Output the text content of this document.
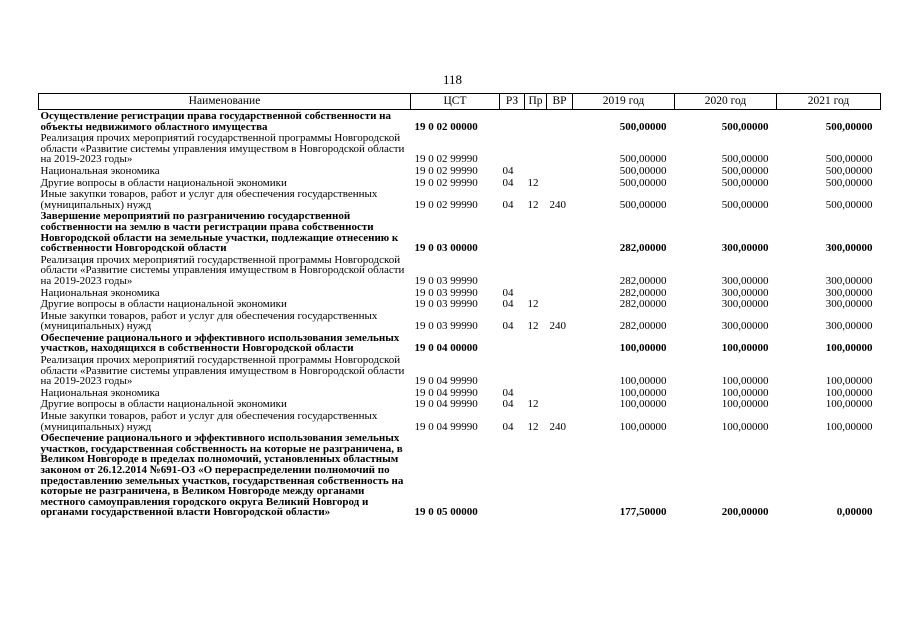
118
Наименование	ЦСТ	РЗ	Пр	ВР	2019 год	2020 год	2021 год
Осуществление регистрации права государственной собственности на объекты недвижимого областного имущества	19 0 02 00000				500,00000	500,00000	500,00000
Реализация прочих мероприятий государственной программы Новгородской области «Развитие системы управления имуществом в Новгородской области на 2019-2023 годы»	19 0 02 99990				500,00000	500,00000	500,00000
Национальная экономика	19 0 02 99990	04			500,00000	500,00000	500,00000
Другие вопросы в области национальной экономики	19 0 02 99990	04	12		500,00000	500,00000	500,00000
Иные закупки товаров, работ и услуг для обеспечения государственных (муниципальных) нужд	19 0 02 99990	04	12	240	500,00000	500,00000	500,00000
Завершение мероприятий по разграничению государственной собственности на землю в части регистрации права собственности Новгородской области на земельные участки, подлежащие отнесению к собственности Новгородской области	19 0 03 00000				282,00000	300,00000	300,00000
Реализация прочих мероприятий государственной программы Новгородской области «Развитие системы управления имуществом в Новгородской области на 2019-2023 годы»	19 0 03 99990				282,00000	300,00000	300,00000
Национальная экономика	19 0 03 99990	04			282,00000	300,00000	300,00000
Другие вопросы в области национальной экономики	19 0 03 99990	04	12		282,00000	300,00000	300,00000
Иные закупки товаров, работ и услуг для обеспечения государственных (муниципальных) нужд	19 0 03 99990	04	12	240	282,00000	300,00000	300,00000
Обеспечение рационального и эффективного использования земельных участков, находящихся в собственности Новгородской области	19 0 04 00000				100,00000	100,00000	100,00000
Реализация прочих мероприятий государственной программы Новгородской области «Развитие системы управления имуществом в Новгородской области на 2019-2023 годы»	19 0 04 99990				100,00000	100,00000	100,00000
Национальная экономика	19 0 04 99990	04			100,00000	100,00000	100,00000
Другие вопросы в области национальной экономики	19 0 04 99990	04	12		100,00000	100,00000	100,00000
Иные закупки товаров, работ и услуг для обеспечения государственных (муниципальных) нужд	19 0 04 99990	04	12	240	100,00000	100,00000	100,00000
Обеспечение рационального и эффективного использования земельных участков, государственная собственность на которые не разграничена, в Великом Новгороде в пределах полномочий, установленных областным законом от 26.12.2014 №691-ОЗ «О перераспределении полномочий по предоставлению земельных участков, государственная собственность на которые не разграничена, в Великом Новгороде между органами местного самоуправления городского округа Великий Новгород и органами государственной власти Новгородской области»	19 0 05 00000				177,50000	200,00000	0,00000
